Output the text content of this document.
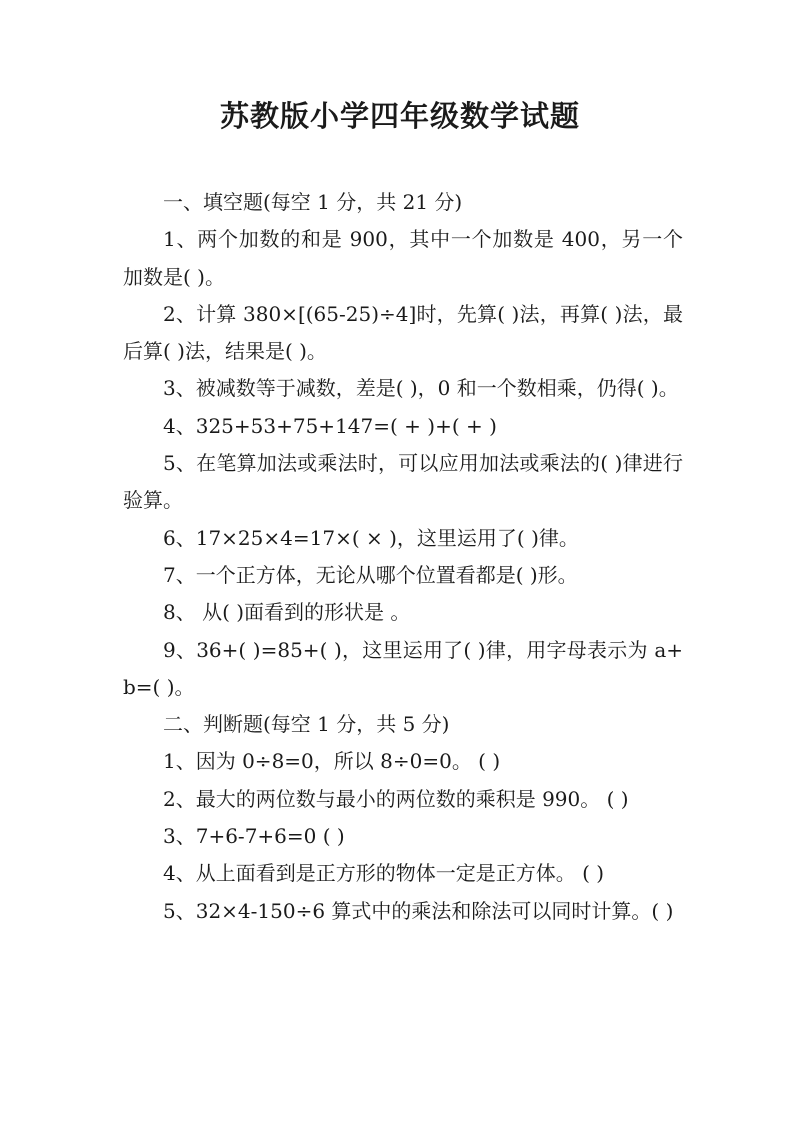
苏教版小学四年级数学试题

一、填空题(每空 1 分，共 21 分)

1、两个加数的和是 900，其中一个加数是 400，另一个加数是( )。

2、计算 380×[(65-25)÷4]时，先算( )法，再算( )法，最后算( )法，结果是( )。

3、被减数等于减数，差是( )，0 和一个数相乘，仍得( )。

4、325+53+75+147=( + )+( + )

5、在笔算加法或乘法时，可以应用加法或乘法的( )律进行验算。

6、17×25×4=17×( × )，这里运用了( )律。

7、一个正方体，无论从哪个位置看都是( )形。

8、 从( )面看到的形状是 。

9、36+( )=85+( )，这里运用了( )律，用字母表示为 a+b=( )。

二、判断题(每空 1 分，共 5 分)

1、因为 0÷8=0，所以 8÷0=0。 ( )

2、最大的两位数与最小的两位数的乘积是 990。 ( )

3、7+6-7+6=0 ( )

4、从上面看到是正方形的物体一定是正方体。 ( )

5、32×4-150÷6 算式中的乘法和除法可以同时计算。( )
